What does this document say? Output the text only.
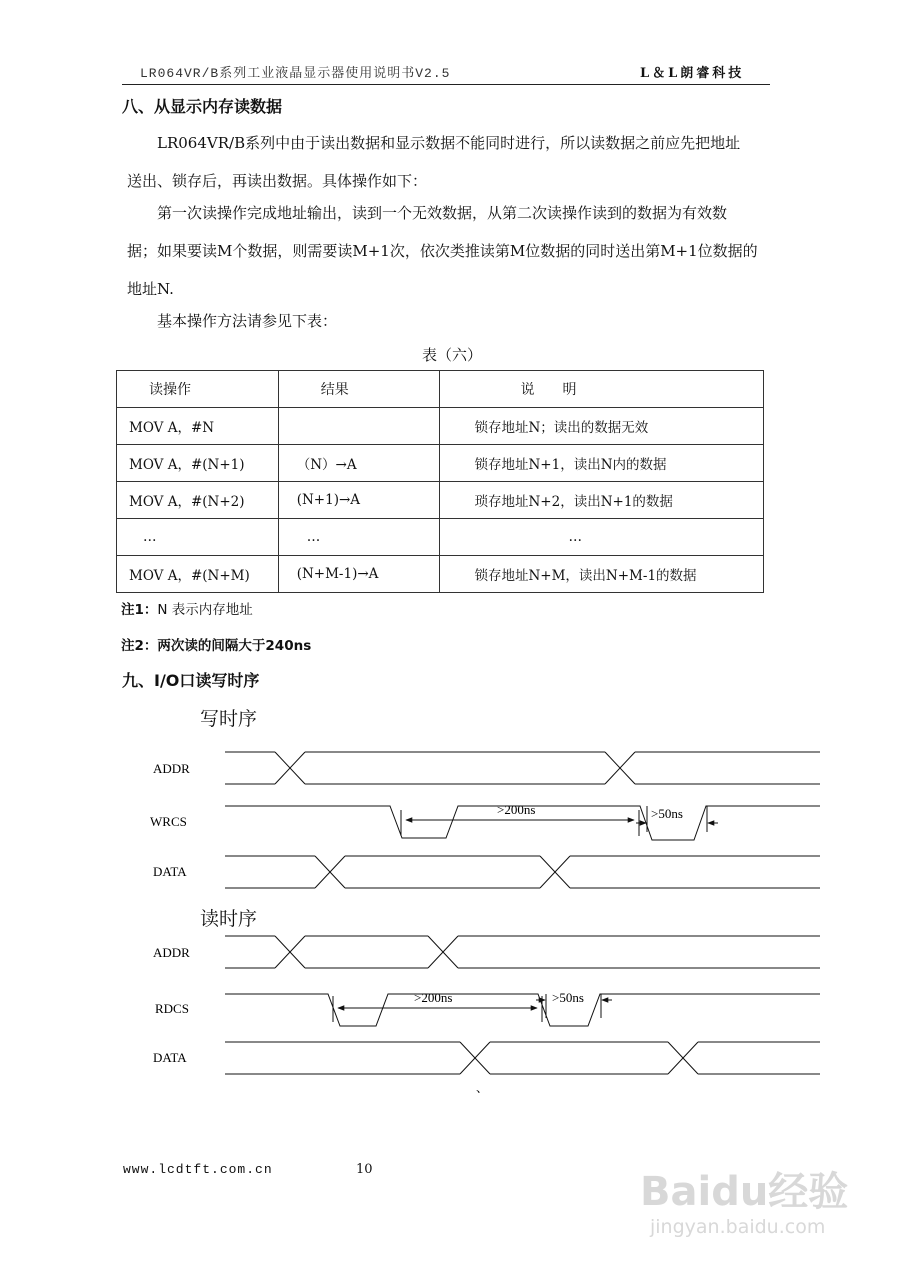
LR064VR/B系列工业液晶显示器使用说明书V2.5	L＆L朗睿科技
八、从显示内存读数据
LR064VR/B系列中由于读出数据和显示数据不能同时进行，所以读数据之前应先把地址
送出、锁存后，再读出数据。具体操作如下：
第一次读操作完成地址输出，读到一个无效数据，从第二次读操作读到的数据为有效数
据；如果要读M个数据，则需要读M+1次，依次类推读第M位数据的同时送出第M+1位数据的
地址N.
基本操作方法请参见下表：
表（六）
读操作	结果	说　　明
MOV A，#N		锁存地址N；读出的数据无效
MOV A，#(N+1)	（N）→A	锁存地址N+1，读出N内的数据
MOV A，#(N+2)	(N+1)→A	琐存地址N+2，读出N+1的数据
…	…	…
MOV A，#(N+M)	(N+M-1)→A	锁存地址N+M，读出N+M-1的数据
注1：N 表示内存地址
注2：两次读的间隔大于240ns
九、I/O口读写时序
写时序
读时序
ADDR
WRCS
DATA
>200ns	>50ns
ADDR
RDCS
DATA
>200ns	>50ns
、
www.lcdtft.com.cn	10	Baidu经验
jingyan.baidu.com
